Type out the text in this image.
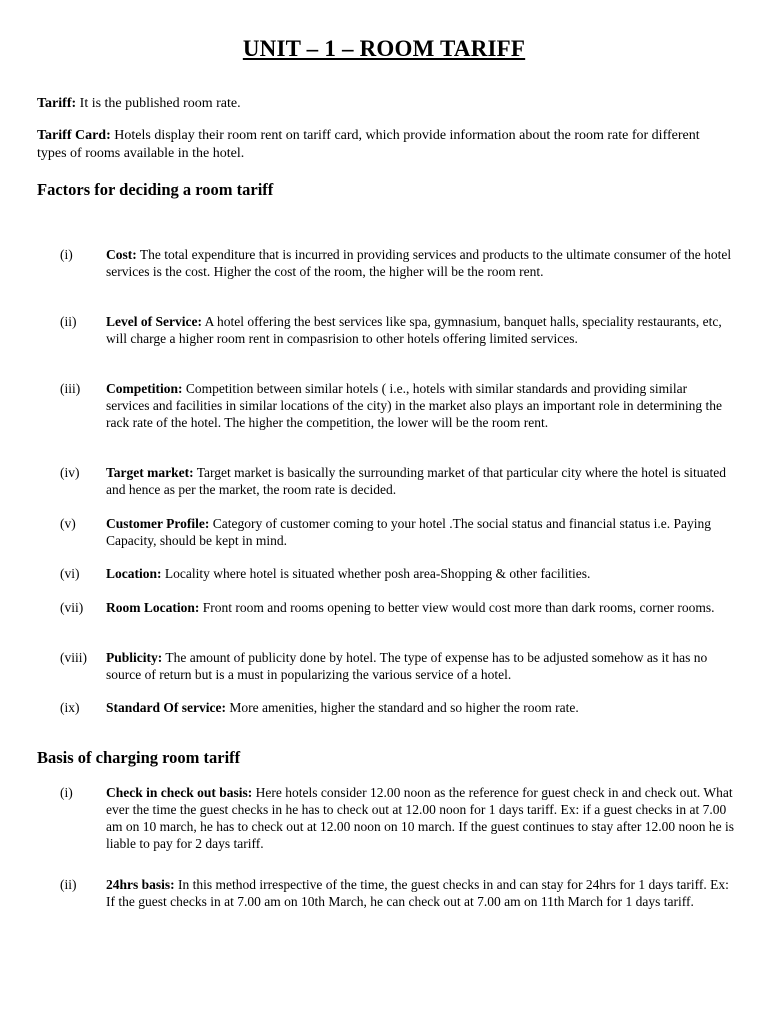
UNIT – 1 – ROOM TARIFF
Tariff: It is the published room rate.
Tariff Card: Hotels display their room rent on tariff card, which provide information about the room rate for different types of rooms available in the hotel.
Factors for deciding a room tariff
(i) Cost: The total expenditure that is incurred in providing services and products to the ultimate consumer of the hotel services is the cost. Higher the cost of the room, the higher will be the room rent.
(ii) Level of Service: A hotel offering the best services like spa, gymnasium, banquet halls, speciality restaurants, etc, will charge a higher room rent in compasrision to other hotels offering limited services.
(iii) Competition: Competition between similar hotels ( i.e., hotels with similar standards and providing similar services and facilities in similar locations of the city) in the market also plays an important role in determining the rack rate of the hotel. The higher the competition, the lower will be the room rent.
(iv) Target market: Target market is basically the surrounding market of that particular city where the hotel is situated and hence as per the market, the room rate is decided.
(v) Customer Profile: Category of customer coming to your hotel .The social status and financial status i.e. Paying Capacity, should be kept in mind.
(vi) Location: Locality where hotel is situated whether posh area-Shopping & other facilities.
(vii) Room Location: Front room and rooms opening to better view would cost more than dark rooms, corner rooms.
(viii) Publicity: The amount of publicity done by hotel. The type of expense has to be adjusted somehow as it has no source of return but is a must in popularizing the various service of a hotel.
(ix) Standard Of service: More amenities, higher the standard and so higher the room rate.
Basis of charging room tariff
(i) Check in check out basis: Here hotels consider 12.00 noon as the reference for guest check in and check out. What ever the time the guest checks in he has to check out at 12.00 noon for 1 days tariff. Ex: if a guest checks in at 7.00 am on 10 march, he has to check out at 12.00 noon on 10 march. If the guest continues to stay after 12.00 noon he is liable to pay for 2 days tariff.
(ii) 24hrs basis: In this method irrespective of the time, the guest checks in and can stay for 24hrs for 1 days tariff. Ex: If the guest checks in at 7.00 am on 10th March, he can check out at 7.00 am on 11th March for 1 days tariff.
